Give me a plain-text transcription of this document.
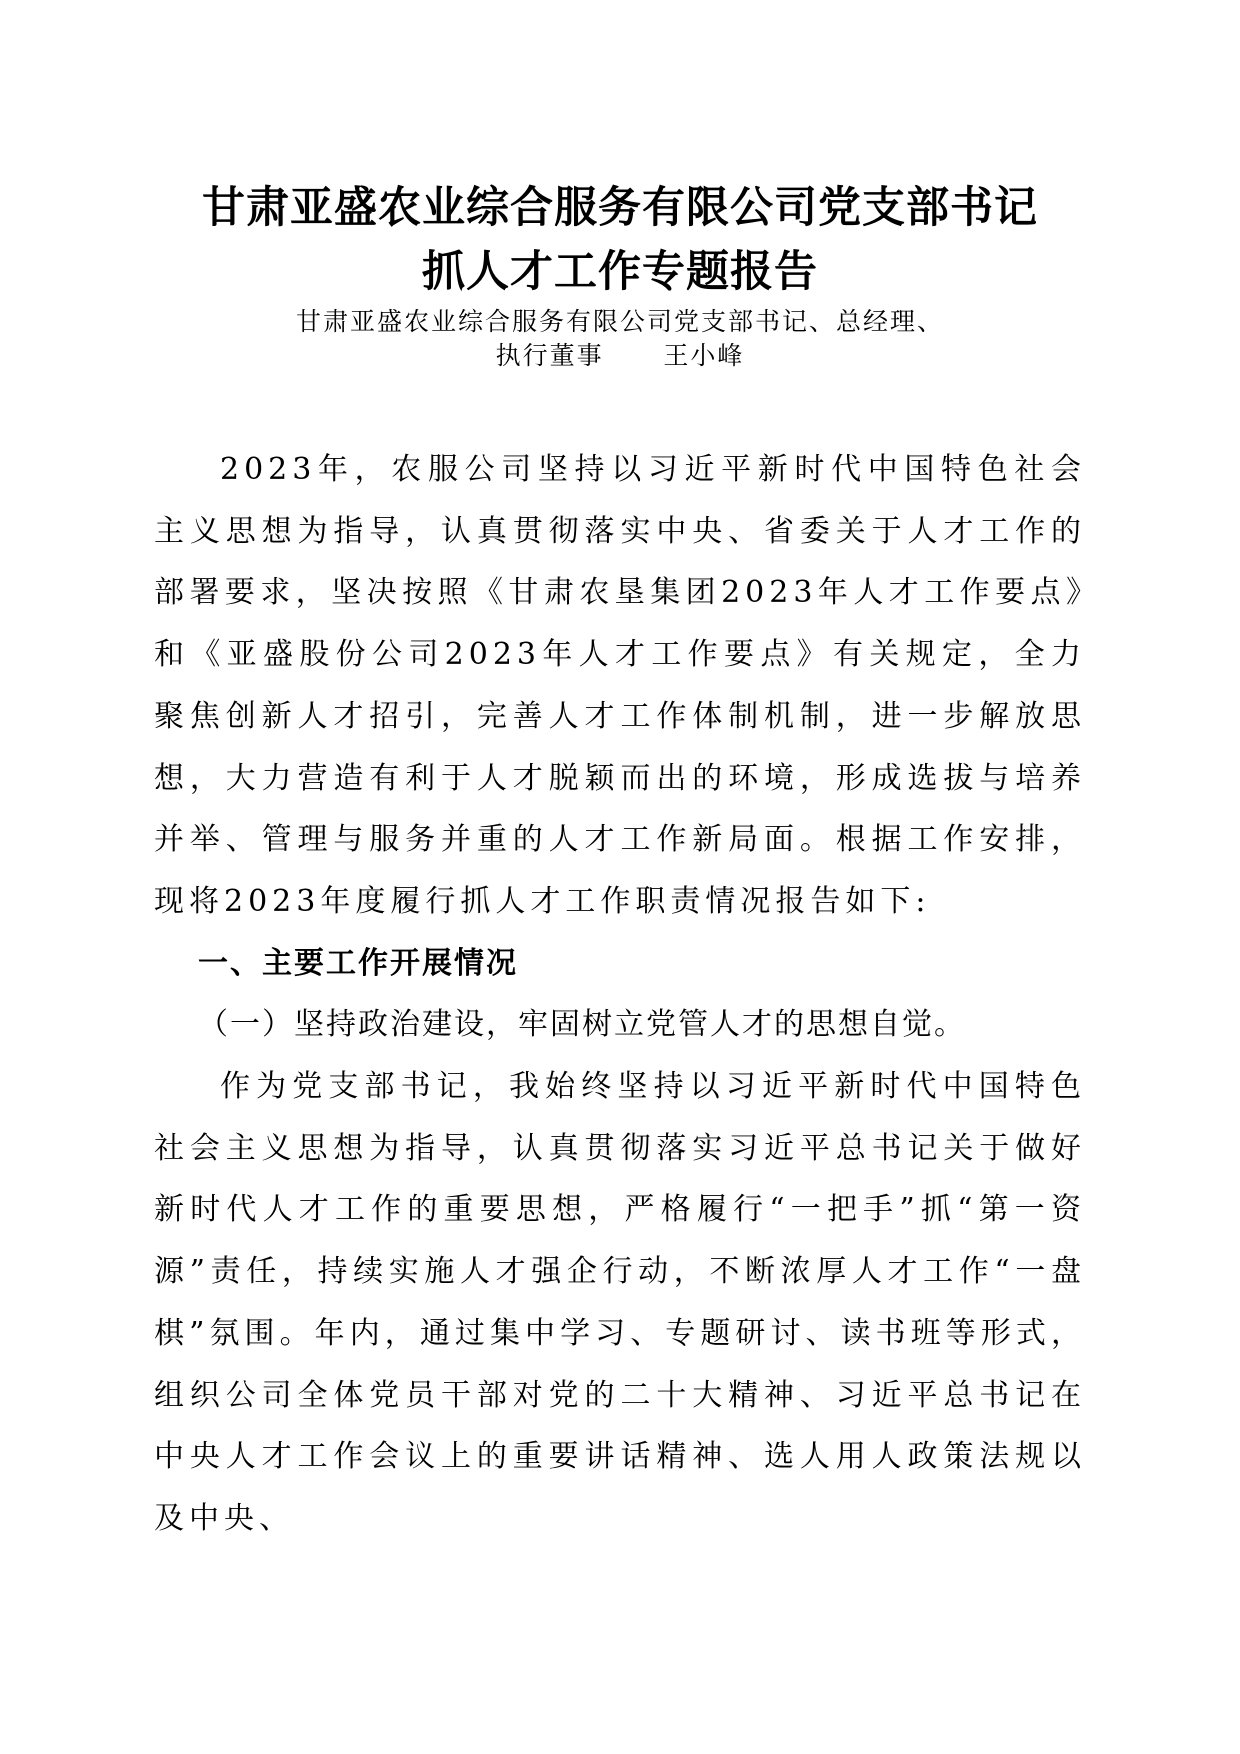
甘肃亚盛农业综合服务有限公司党支部书记

抓人才工作专题报告

甘肃亚盛农业综合服务有限公司党支部书记、总经理、

执行董事      王小峰

2023年，农服公司坚持以习近平新时代中国特色社会主义思想为指导，认真贯彻落实中央、省委关于人才工作的部署要求，坚决按照《甘肃农垦集团2023年人才工作要点》和《亚盛股份公司2023年人才工作要点》有关规定，全力聚焦创新人才招引，完善人才工作体制机制，进一步解放思想，大力营造有利于人才脱颖而出的环境，形成选拔与培养并举、管理与服务并重的人才工作新局面。根据工作安排，现将2023年度履行抓人才工作职责情况报告如下:

一、主要工作开展情况

（一）坚持政治建设，牢固树立党管人才的思想自觉。

作为党支部书记，我始终坚持以习近平新时代中国特色社会主义思想为指导，认真贯彻落实习近平总书记关于做好新时代人才工作的重要思想，严格履行“一把手”抓“第一资源”责任，持续实施人才强企行动，不断浓厚人才工作“一盘棋”氛围。年内，通过集中学习、专题研讨、读书班等形式，组织公司全体党员干部对党的二十大精神、习近平总书记在中央人才工作会议上的重要讲话精神、选人用人政策法规以及中央、
